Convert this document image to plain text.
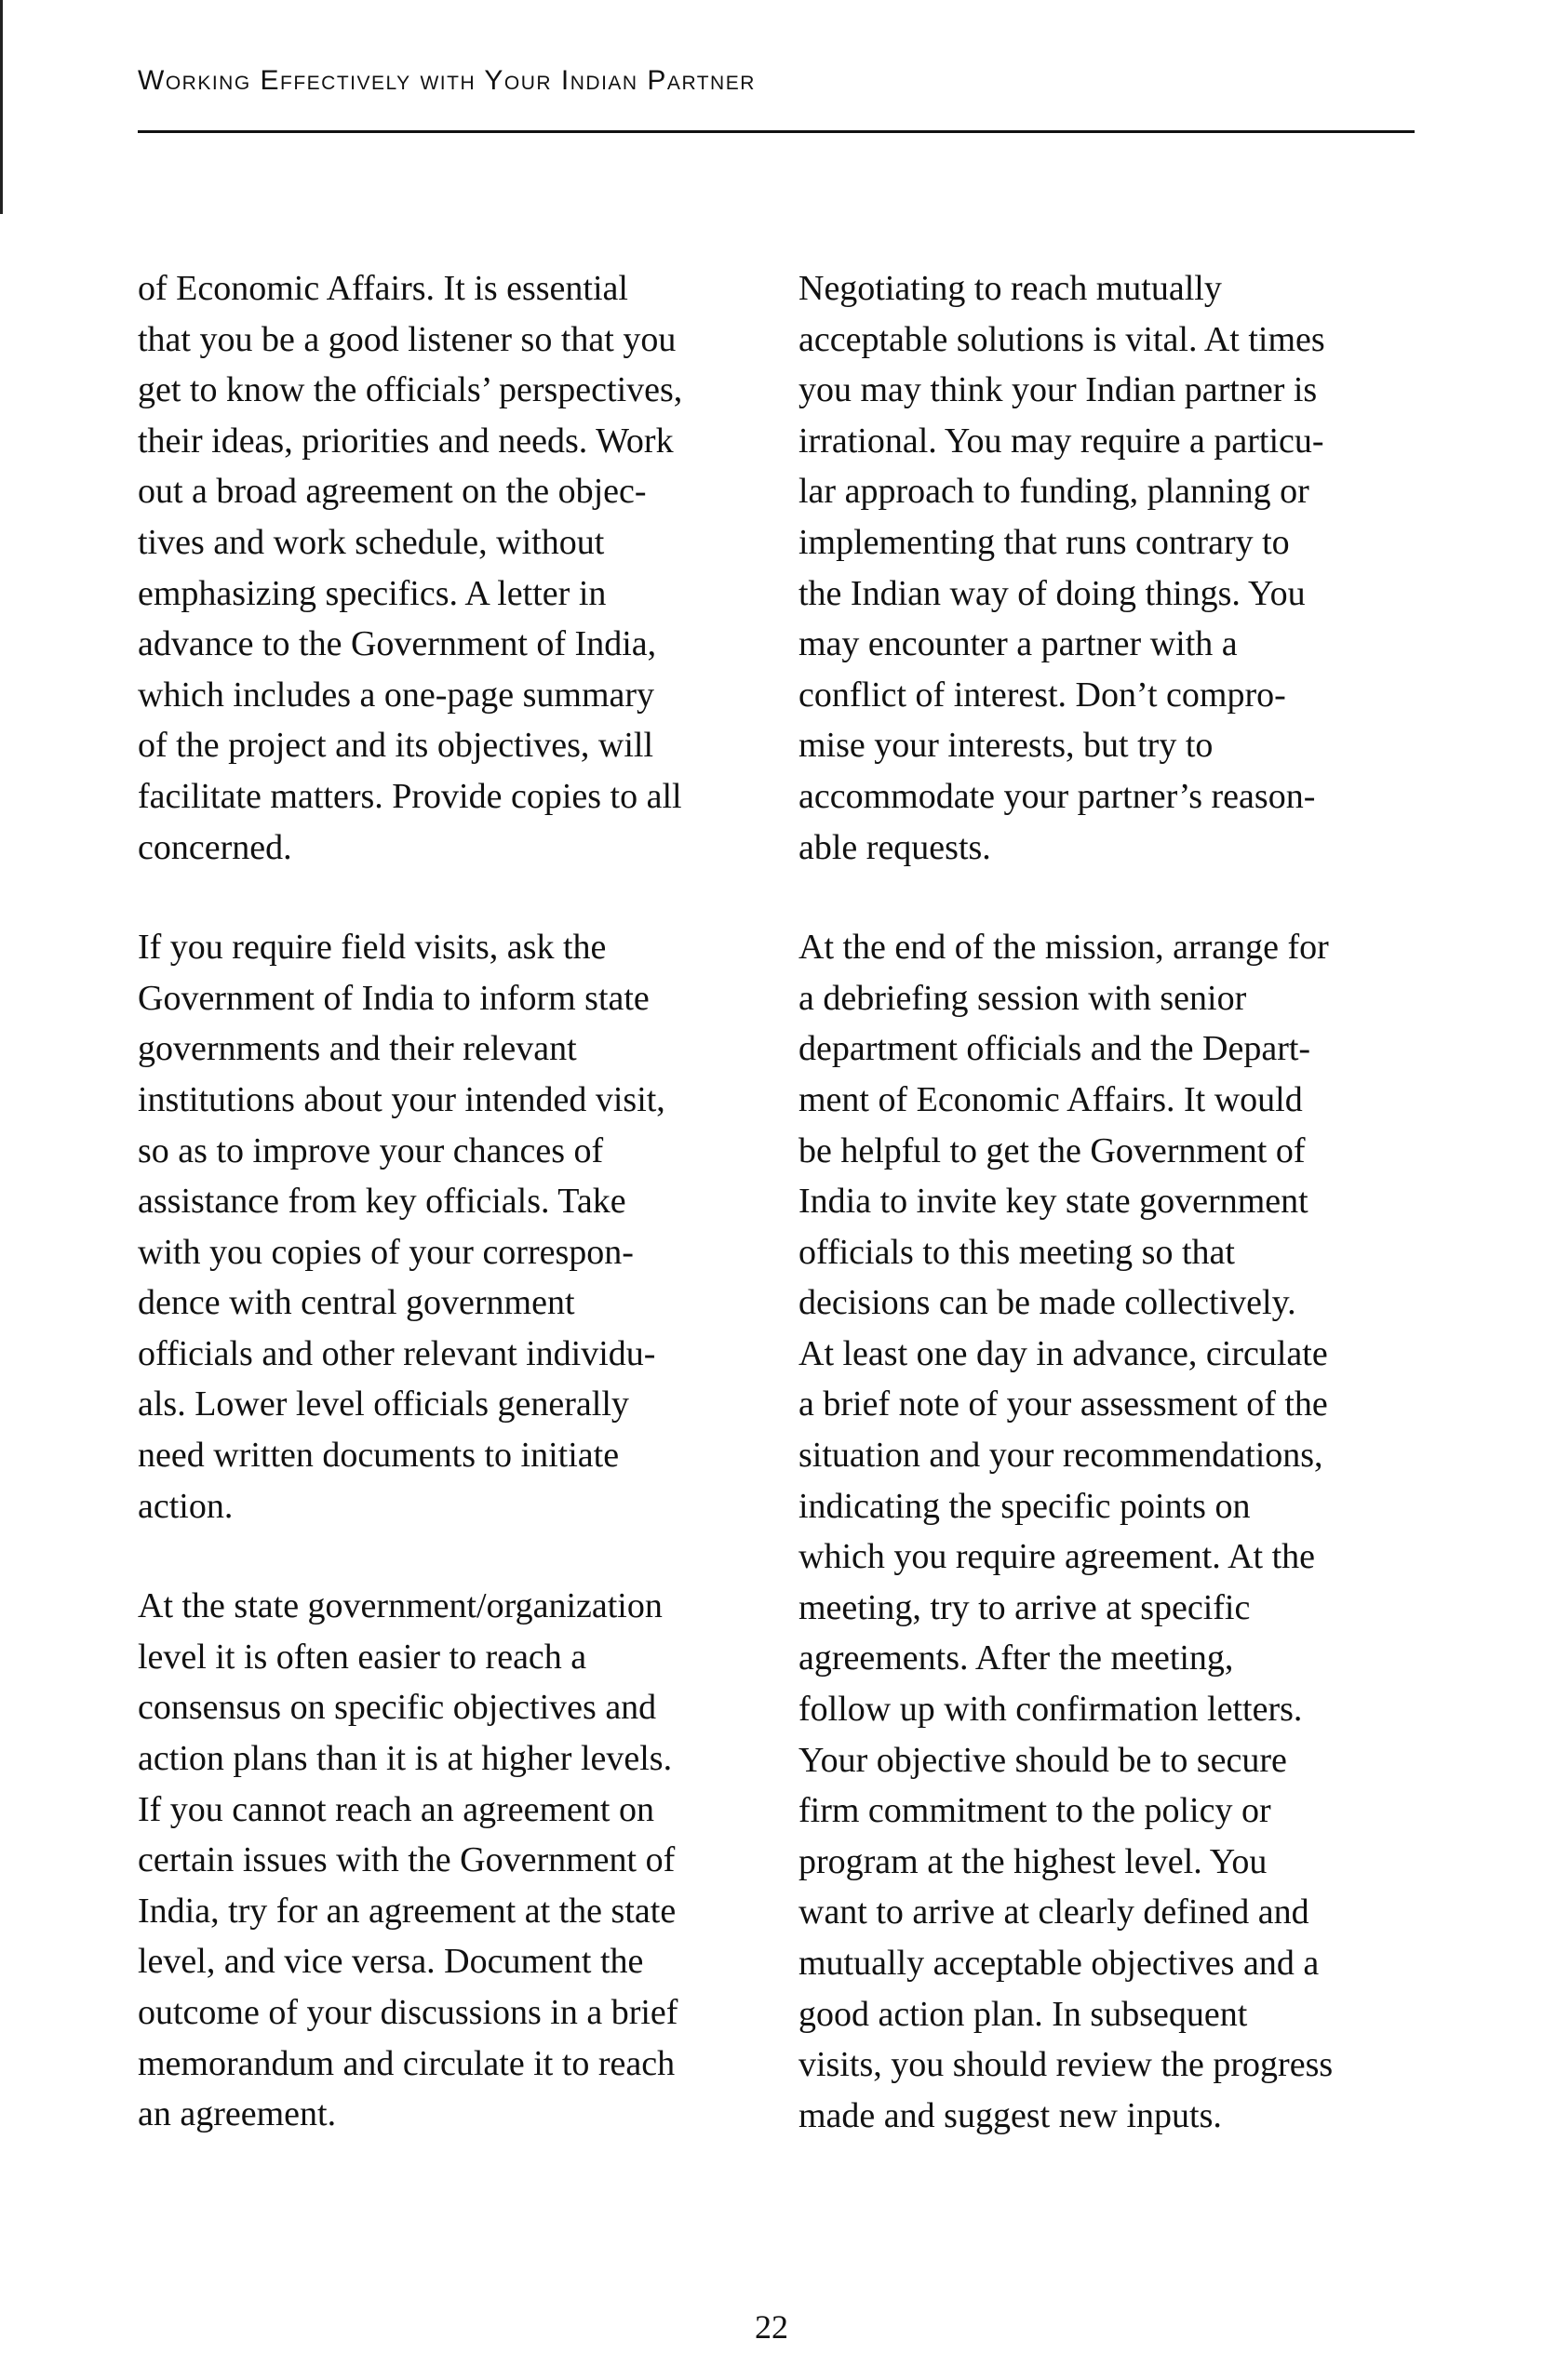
Working Effectively with Your Indian Partner

of Economic Affairs. It is essential
that you be a good listener so that you
get to know the officials’ perspectives,
their ideas, priorities and needs. Work
out a broad agreement on the objec-
tives and work schedule, without
emphasizing specifics. A letter in
advance to the Government of India,
which includes a one-page summary
of the project and its objectives, will
facilitate matters. Provide copies to all
concerned.

If you require field visits, ask the
Government of India to inform state
governments and their relevant
institutions about your intended visit,
so as to improve your chances of
assistance from key officials. Take
with you copies of your correspon-
dence with central government
officials and other relevant individu-
als. Lower level officials generally
need written documents to initiate
action.

At the state government/organization
level it is often easier to reach a
consensus on specific objectives and
action plans than it is at higher levels.
If you cannot reach an agreement on
certain issues with the Government of
India, try for an agreement at the state
level, and vice versa. Document the
outcome of your discussions in a brief
memorandum and circulate it to reach
an agreement.

Negotiating to reach mutually
acceptable solutions is vital. At times
you may think your Indian partner is
irrational. You may require a particu-
lar approach to funding, planning or
implementing that runs contrary to
the Indian way of doing things. You
may encounter a partner with a
conflict of interest. Don’t compro-
mise your interests, but try to
accommodate your partner’s reason-
able requests.

At the end of the mission, arrange for
a debriefing session with senior
department officials and the Depart-
ment of Economic Affairs. It would
be helpful to get the Government of
India to invite key state government
officials to this meeting so that
decisions can be made collectively.
At least one day in advance, circulate
a brief note of your assessment of the
situation and your recommendations,
indicating the specific points on
which you require agreement. At the
meeting, try to arrive at specific
agreements. After the meeting,
follow up with confirmation letters.
Your objective should be to secure
firm commitment to the policy or
program at the highest level. You
want to arrive at clearly defined and
mutually acceptable objectives and a
good action plan. In subsequent
visits, you should review the progress
made and suggest new inputs.

22
